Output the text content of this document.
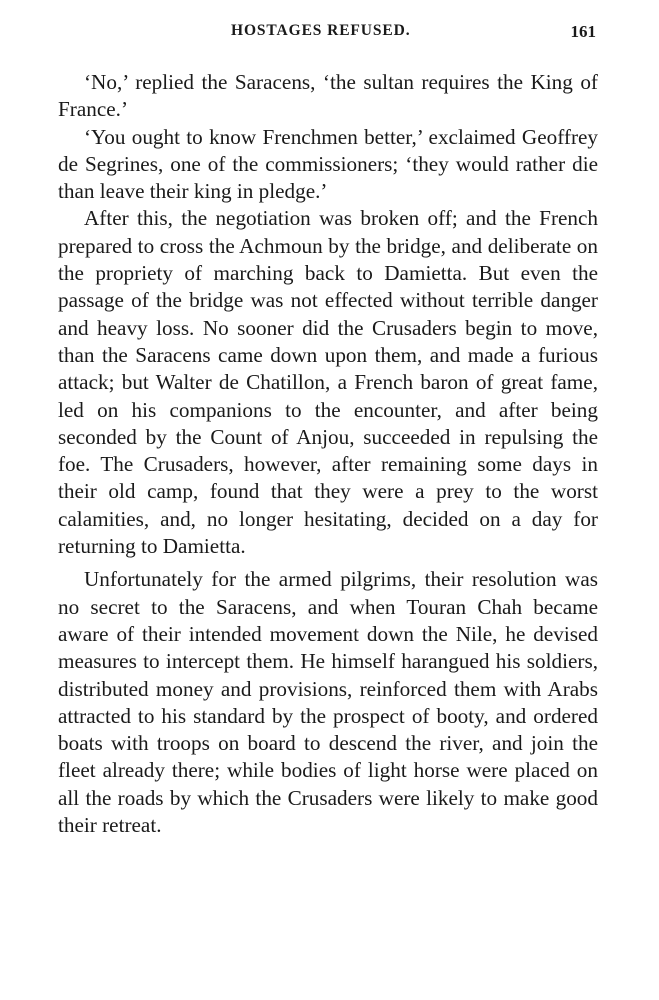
HOSTAGES REFUSED.	161

‘No,’ replied the Saracens, ‘the sultan requires the King of France.’

‘You ought to know Frenchmen better,’ exclaimed Geoffrey de Segrines, one of the commissioners; ‘they would rather die than leave their king in pledge.’

After this, the negotiation was broken off; and the French prepared to cross the Achmoun by the bridge, and deliberate on the propriety of marching back to Damietta. But even the passage of the bridge was not effected without terrible danger and heavy loss. No sooner did the Crusaders begin to move, than the Saracens came down upon them, and made a furious attack; but Walter de Chatillon, a French baron of great fame, led on his companions to the encounter, and after being seconded by the Count of Anjou, succeeded in repulsing the foe. The Crusaders, however, after remaining some days in their old camp, found that they were a prey to the worst calamities, and, no longer hesitating, decided on a day for returning to Damietta.

Unfortunately for the armed pilgrims, their resolution was no secret to the Saracens, and when Touran Chah became aware of their intended movement down the Nile, he devised measures to intercept them. He himself harangued his soldiers, distributed money and provisions, reinforced them with Arabs attracted to his standard by the prospect of booty, and ordered boats with troops on board to descend the river, and join the fleet already there; while bodies of light horse were placed on all the roads by which the Crusaders were likely to make good their retreat.
